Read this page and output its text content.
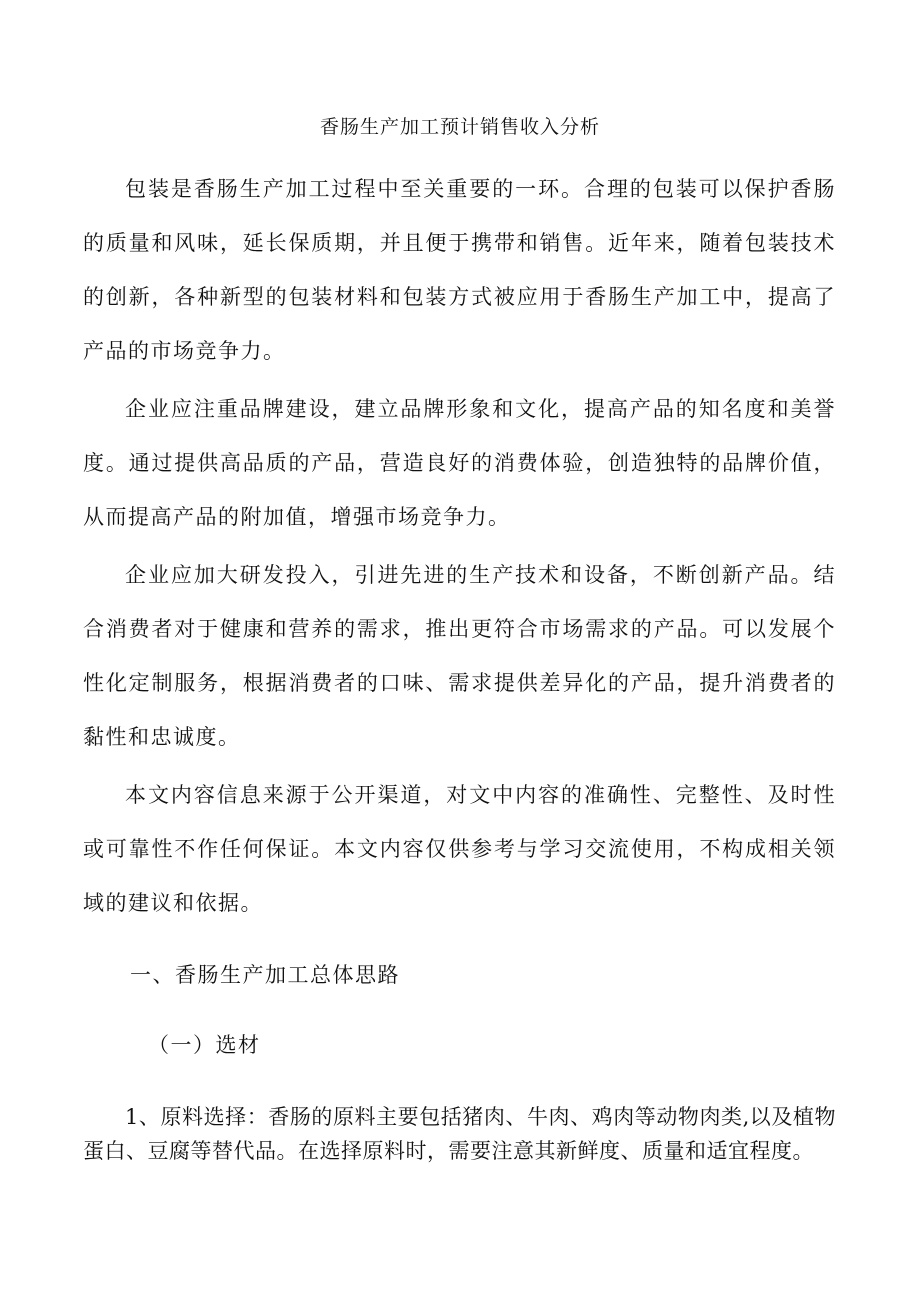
香肠生产加工预计销售收入分析

包装是香肠生产加工过程中至关重要的一环。合理的包装可以保护香肠的质量和风味，延长保质期，并且便于携带和销售。近年来，随着包装技术的创新，各种新型的包装材料和包装方式被应用于香肠生产加工中，提高了产品的市场竞争力。

企业应注重品牌建设，建立品牌形象和文化，提高产品的知名度和美誉度。通过提供高品质的产品，营造良好的消费体验，创造独特的品牌价值，从而提高产品的附加值，增强市场竞争力。

企业应加大研发投入，引进先进的生产技术和设备，不断创新产品。结合消费者对于健康和营养的需求，推出更符合市场需求的产品。可以发展个性化定制服务，根据消费者的口味、需求提供差异化的产品，提升消费者的黏性和忠诚度。

本文内容信息来源于公开渠道，对文中内容的准确性、完整性、及时性或可靠性不作任何保证。本文内容仅供参考与学习交流使用，不构成相关领域的建议和依据。

一、香肠生产加工总体思路
（一）选材

1、原料选择：香肠的原料主要包括猪肉、牛肉、鸡肉等动物肉类,以及植物蛋白、豆腐等替代品。在选择原料时，需要注意其新鲜度、质量和适宜程度。
